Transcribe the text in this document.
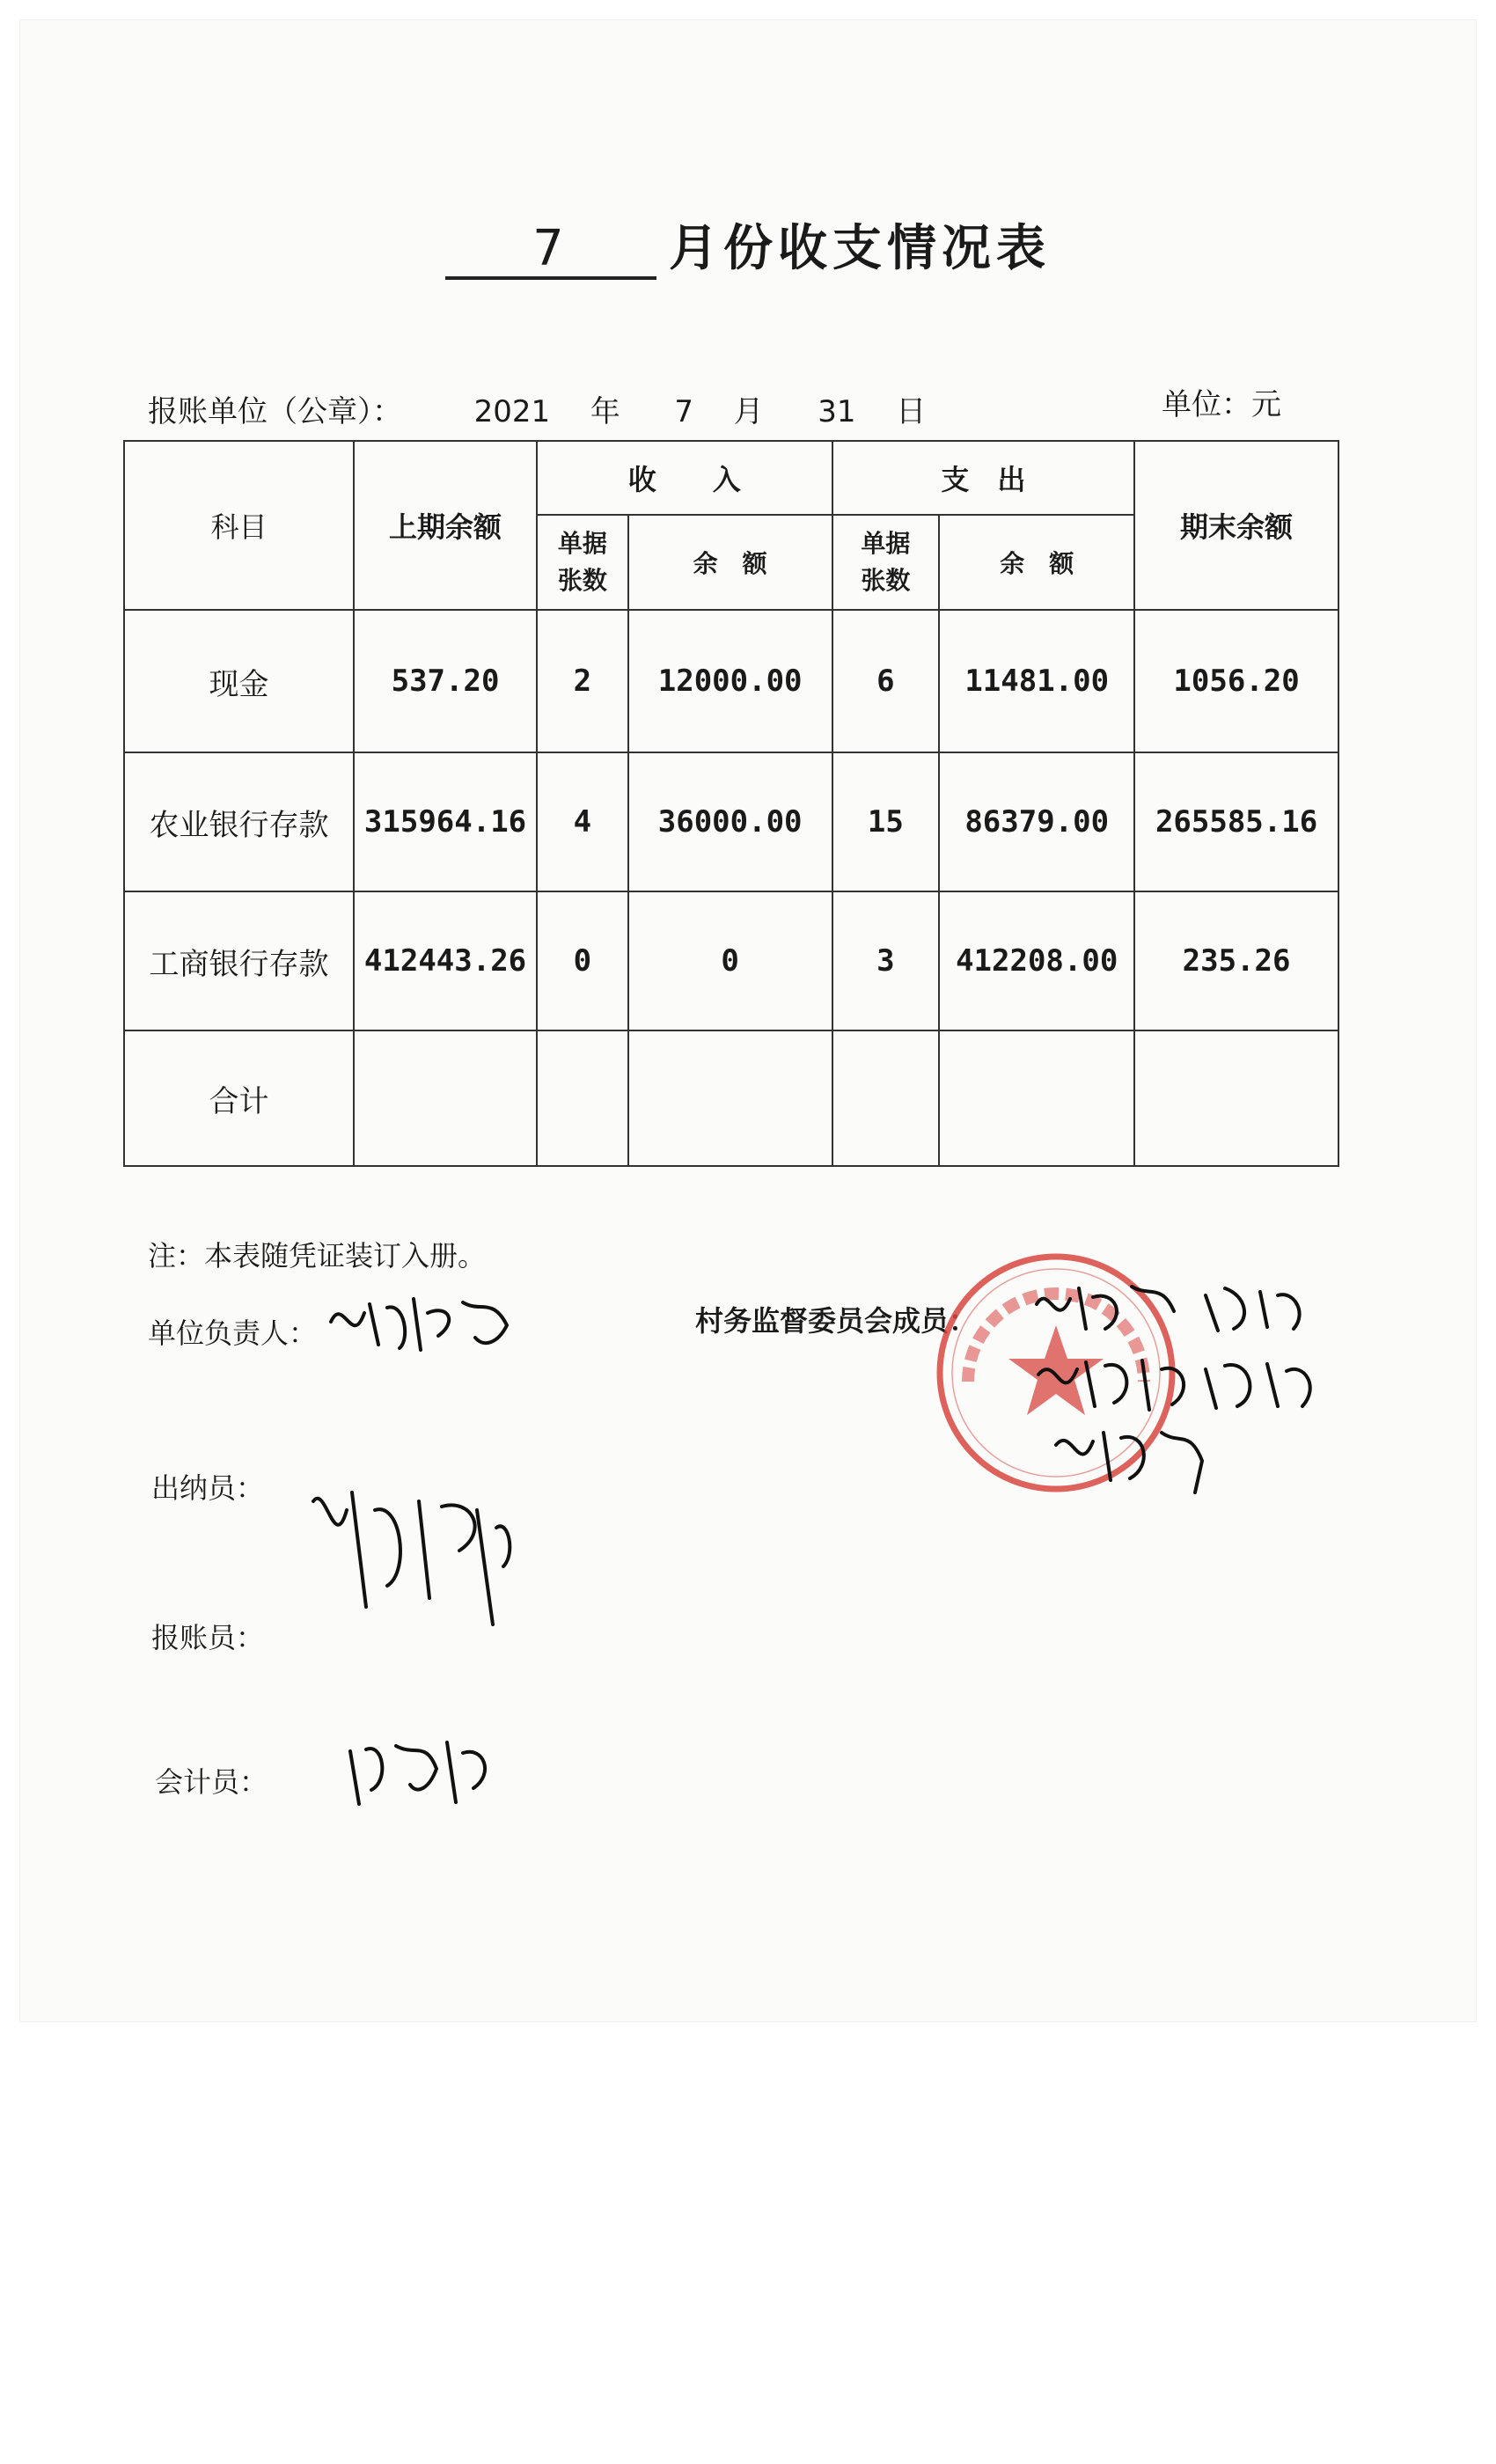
7 月份收支情况表
报账单位（公章）： 2021 年 7 月 31 日	单位：元
科目	上期余额	收　　入		支　出		期末余额
		单据张数	余　额	单据张数	余　额	
现金	537.20	2	12000.00	6	11481.00	1056.20
农业银行存款	315964.16	4	36000.00	15	86379.00	265585.16
工商银行存款	412443.26	0	0	3	412208.00	235.26
合计						
注：本表随凭证装订入册。
单位负责人：	村务监督委员会成员：
出纳员：
报账员：
会计员：
